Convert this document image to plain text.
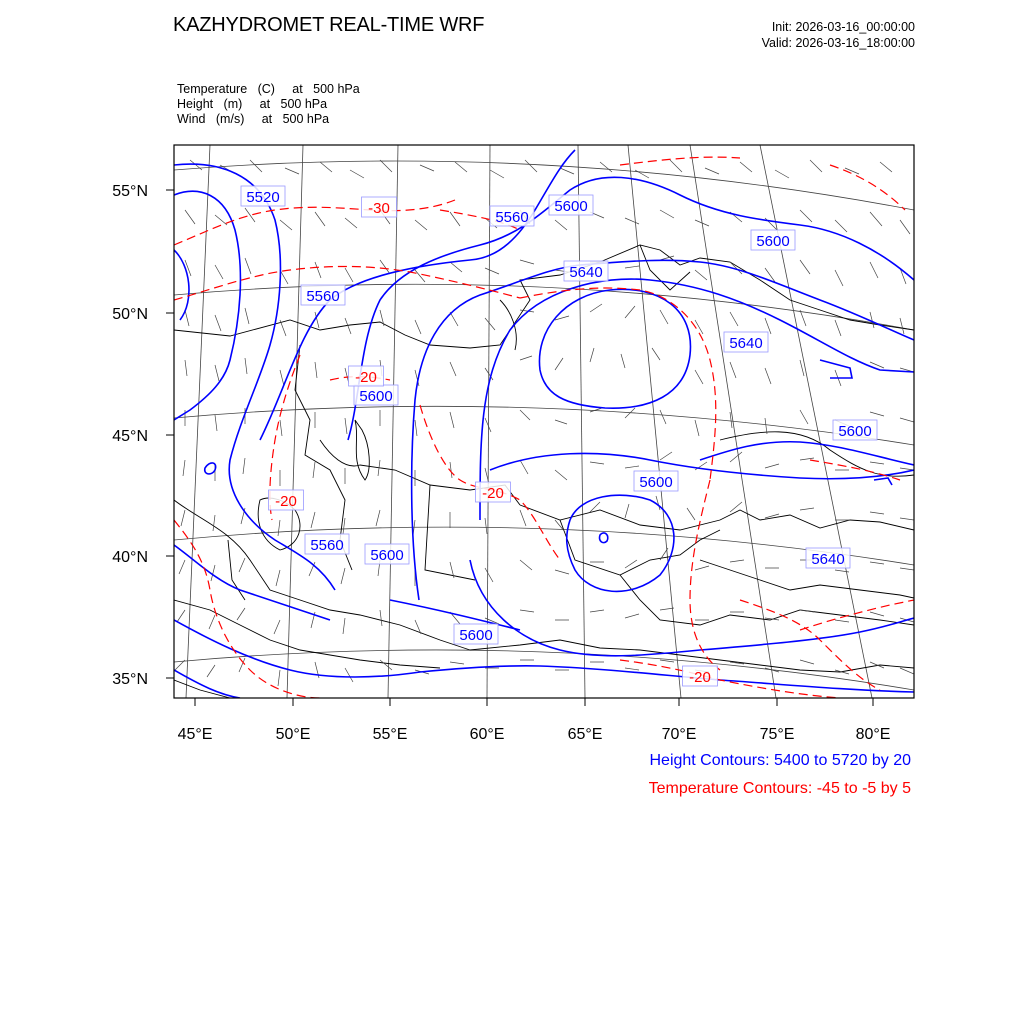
KAZHYDROMET REAL-TIME WRF	Init: 2026-03-16_00:00:00
Valid: 2026-03-16_18:00:00
Temperature   (C)     at   500 hPa
Height   (m)     at   500 hPa
Wind   (m/s)     at   500 hPa
55°N
50°N
45°N
40°N
35°N
45°E	50°E	55°E	60°E	65°E	70°E	75°E	80°E
5520
5560
5600
5640
5600
5560
5640
5600
5600
5600
5560
5600	5640
5600
-30
-20
-20	-20
-20
Height Contours: 5400 to 5720 by 20
Temperature Contours: -45 to -5 by 5
